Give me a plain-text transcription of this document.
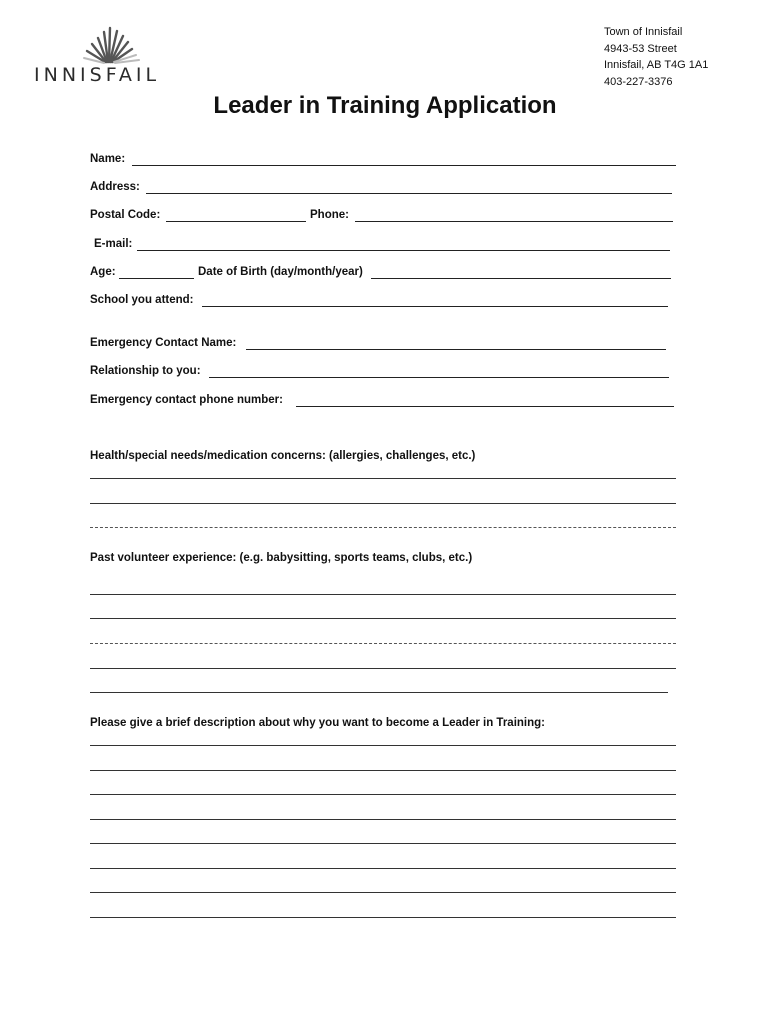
INNISFAIL
Town of Innisfail
4943-53 Street
Innisfail, AB T4G 1A1
403-227-3376
Leader in Training Application
Name:
Address:
Postal Code:	Phone:
E-mail:
Age:	Date of Birth (day/month/year)
School you attend:
Emergency Contact Name:
Relationship to you:
Emergency contact phone number:
Health/special needs/medication concerns: (allergies, challenges, etc.)
Past volunteer experience: (e.g. babysitting, sports teams, clubs, etc.)
Please give a brief description about why you want to become a Leader in Training:
